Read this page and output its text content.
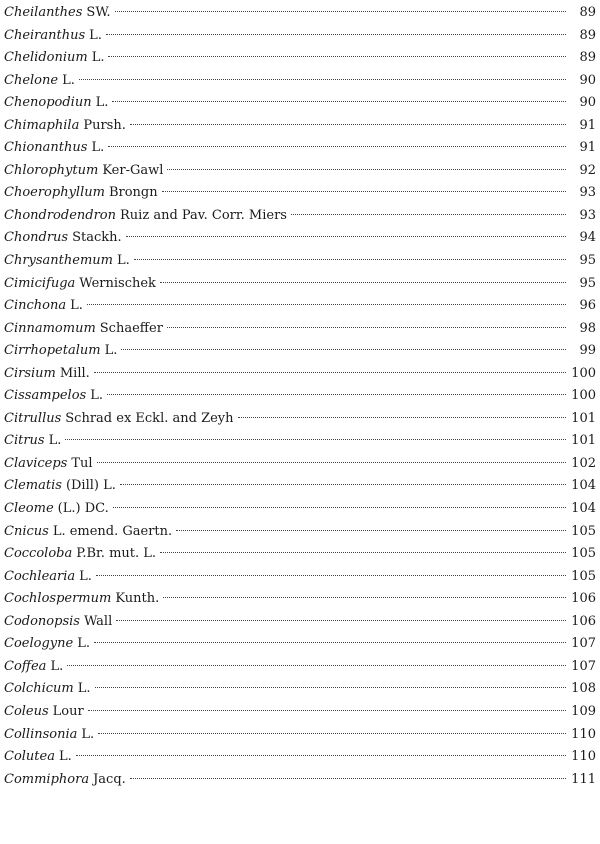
Cheilanthes SW.	89
Cheiranthus L.	89
Chelidonium L.	89
Chelone L.	90
Chenopodiun L.	90
Chimaphila Pursh.	91
Chionanthus L.	91
Chlorophytum Ker-Gawl	92
Choerophyllum Brongn	93
Chondrodendron Ruiz and Pav. Corr. Miers	93
Chondrus Stackh.	94
Chrysanthemum L.	95
Cimicifuga Wernischek	95
Cinchona L.	96
Cinnamomum Schaeffer	98
Cirrhopetalum L.	99
Cirsium Mill.	100
Cissampelos L.	100
Citrullus Schrad ex Eckl. and Zeyh	101
Citrus L.	101
Claviceps Tul	102
Clematis (Dill) L.	104
Cleome (L.) DC.	104
Cnicus L. emend. Gaertn.	105
Coccoloba P.Br. mut. L.	105
Cochlearia L.	105
Cochlospermum Kunth.	106
Codonopsis Wall	106
Coelogyne L.	107
Coffea L.	107
Colchicum L.	108
Coleus Lour	109
Collinsonia L.	110
Colutea L.	110
Commiphora Jacq.	111
